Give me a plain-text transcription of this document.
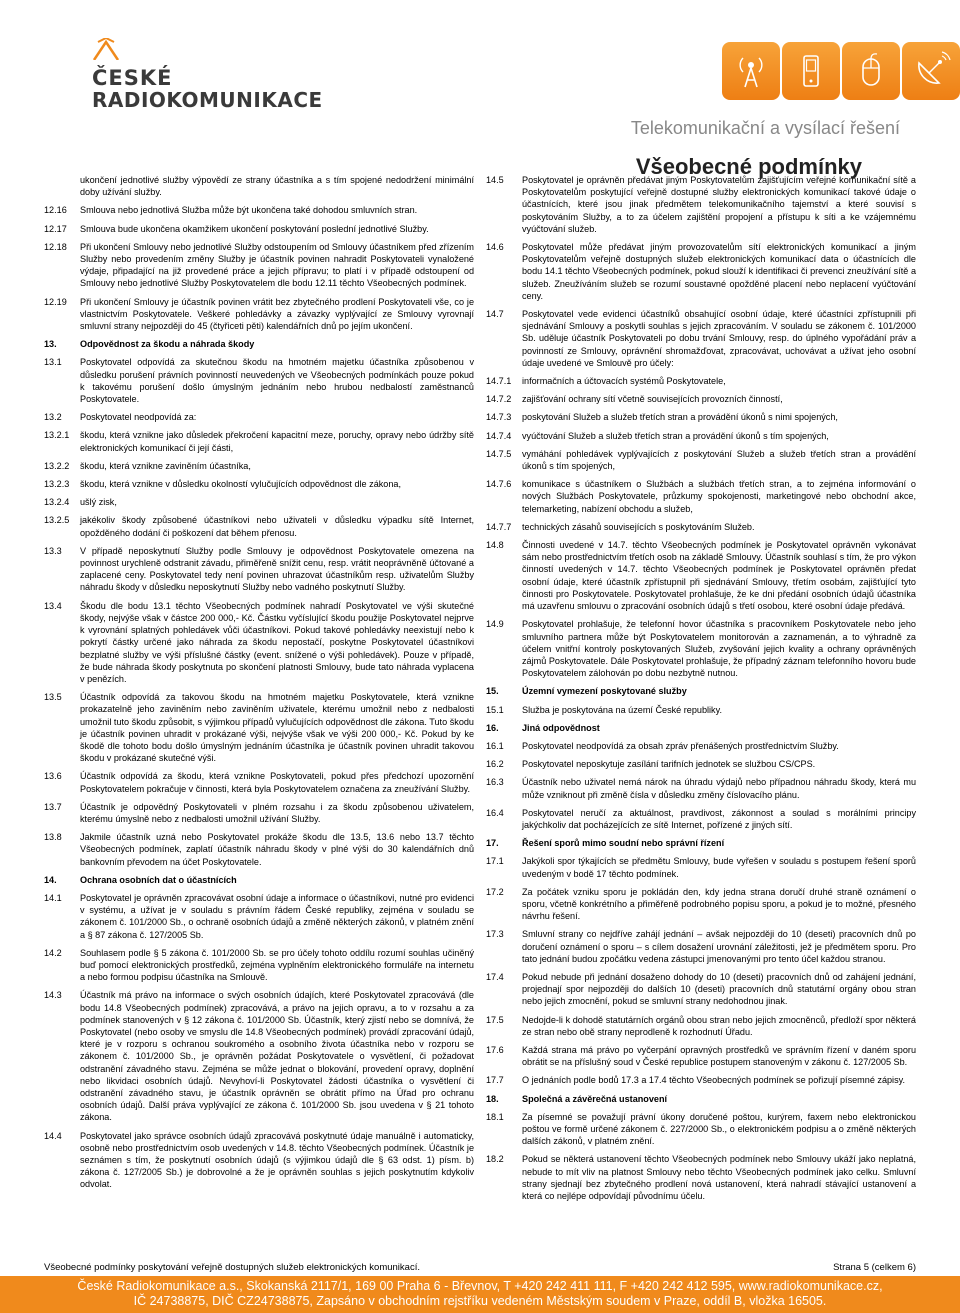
ČESKÉ
RADIOKOMUNIKACE
Telekomunikační a vysílací řešení
Všeobecné podmínky
ukončení jednotlivé služby výpovědí ze strany účastníka a s tím spojené nedodržení minimální doby užívání služby.
12.16	Smlouva nebo jednotlivá Služba může být ukončena také dohodou smluvních stran.
12.17	Smlouva bude ukončena okamžikem ukončení poskytování poslední jednotlivé Služby.
12.18	Při ukončení Smlouvy nebo jednotlivé Služby odstoupením od Smlouvy účastníkem před zřízením Služby nebo provedením změny Služby je účastník povinen nahradit Poskytovateli vynaložené výdaje, připadající na již provedené práce a jejich přípravu; to platí i v případě odstoupení od Smlouvy nebo jednotlivé Služby Poskytovatelem dle bodu 12.11 těchto Všeobecných podmínek.
12.19	Při ukončení Smlouvy je účastník povinen vrátit bez zbytečného prodlení Poskytovateli vše, co je vlastnictvím Poskytovatele. Veškeré pohledávky a závazky vyplývající ze Smlouvy vyrovnají smluvní strany nejpozději do 45 (čtyřiceti pěti) kalendářních dnů po jejím ukončení.
13.	Odpovědnost za škodu a náhrada škody
13.1	Poskytovatel odpovídá za skutečnou škodu na hmotném majetku účastníka způsobenou v důsledku porušení právních povinností neuvedených ve Všeobecných podmínkách pouze pokud k takovému porušení došlo úmyslným jednáním nebo hrubou nedbalostí zaměstnanců Poskytovatele.
13.2	Poskytovatel neodpovídá za:
13.2.1	škodu, která vznikne jako důsledek překročení kapacitní meze, poruchy, opravy nebo údržby sítě elektronických komunikací či její části,
13.2.2	škodu, která vznikne zaviněním účastníka,
13.2.3	škodu, která vznikne v důsledku okolností vylučujících odpovědnost dle zákona,
13.2.4	ušlý zisk,
13.2.5	jakékoliv škody způsobené účastníkovi nebo uživateli v důsledku výpadku sítě Internet, opožděného dodání či poškození dat během přenosu.
13.3	V případě neposkytnutí Služby podle Smlouvy je odpovědnost Poskytovatele omezena na povinnost urychleně odstranit závadu, přiměřeně snížit cenu, resp. vrátit neoprávněně účtované a zaplacené ceny. Poskytovatel tedy není povinen uhrazovat účastníkům resp. uživatelům Služby náhradu škody v důsledku neposkytnutí Služby nebo vadného poskytnutí Služby.
13.4	Škodu dle bodu 13.1 těchto Všeobecných podmínek nahradí Poskytovatel ve výši skutečné škody, nejvýše však v částce 200 000,- Kč. Částku vyčíslující škodu použije Poskytovatel nejprve k vyrovnání splatných pohledávek vůči účastníkovi. Pokud takové pohledávky neexistují nebo k pokrytí částky určené jako náhrada za škodu nepostačí, poskytne Poskytovatel účastníkovi bezplatné služby ve výši příslušné částky (event. snížené o výši pohledávek). Pouze v případě, že bude náhrada škody poskytnuta po skončení platnosti Smlouvy, bude tato náhrada vyplacena v penězích.
13.5	Účastník odpovídá za takovou škodu na hmotném majetku Poskytovatele, která vznikne prokazatelně jeho zaviněním nebo zaviněním uživatele, kterému umožnil nebo z nedbalosti umožnil tuto škodu způsobit, s výjimkou případů vylučujících odpovědnost dle zákona. Tuto škodu je účastník povinen uhradit v prokázané výši, nejvýše však ve výši 200 000,- Kč. Pokud by ke škodě dle tohoto bodu došlo úmyslným jednáním účastníka je účastník povinen uhradit takovou škodu v prokázané skutečné výši.
13.6	Účastník odpovídá za škodu, která vznikne Poskytovateli, pokud přes předchozí upozornění Poskytovatelem pokračuje v činnosti, která byla Poskytovatelem označena za zneužívání Služby.
13.7	Účastník je odpovědný Poskytovateli v plném rozsahu i za škodu způsobenou uživatelem, kterému úmyslně nebo z nedbalosti umožnil užívání Služby.
13.8	Jakmile účastník uzná nebo Poskytovatel prokáže škodu dle 13.5, 13.6 nebo 13.7 těchto Všeobecných podmínek, zaplatí účastník náhradu škody v plné výši do 30 kalendářních dnů bankovním převodem na účet Poskytovatele.
14.	Ochrana osobních dat o účastnících
14.1	Poskytovatel je oprávněn zpracovávat osobní údaje a informace o účastníkovi, nutné pro evidenci v systému, a užívat je v souladu s právním řádem České republiky, zejména v souladu se zákonem č. 101/2000 Sb., o ochraně osobních údajů a změně některých zákonů, v platném znění a § 87 zákona č. 127/2005 Sb.
14.2	Souhlasem podle § 5 zákona č. 101/2000 Sb. se pro účely tohoto oddílu rozumí souhlas učiněný buď pomocí elektronických prostředků, zejména vyplněním elektronického formuláře na internetu a nebo formou podpisu účastníka na Smlouvě.
14.3	Účastník má právo na informace o svých osobních údajích, které Poskytovatel zpracovává (dle bodu 14.8 Všeobecných podmínek) zpracovává, a právo na jejich opravu, a to v rozsahu a za podmínek stanovených v § 12 zákona č. 101/2000 Sb. Účastník, který zjistí nebo se domnívá, že Poskytovatel (nebo osoby ve smyslu dle 14.8 Všeobecných podmínek) provádí zpracování údajů, které je v rozporu s ochranou soukromého a osobního života účastníka nebo v rozporu se zákonem č. 101/2000 Sb., je oprávněn požádat Poskytovatele o vysvětlení, či požadovat odstranění závadného stavu. Zejména se může jednat o blokování, provedení opravy, doplnění nebo likvidaci osobních údajů. Nevyhoví-li Poskytovatel žádosti účastníka o vysvětlení či odstranění závadného stavu, je účastník oprávněn se obrátit přímo na Úřad pro ochranu osobních údajů. Další práva vyplývající ze zákona č. 101/2000 Sb. jsou uvedena v § 21 tohoto zákona.
14.4	Poskytovatel jako správce osobních údajů zpracovává poskytnuté údaje manuálně i automaticky, osobně nebo prostřednictvím osob uvedených v 14.8. těchto Všeobecných podmínek. Účastník je seznámen s tím, že poskytnutí osobních údajů (s výjimkou údajů dle § 63 odst. 1) písm. b) zákona č. 127/2005 Sb.) je dobrovolné a že je oprávněn souhlas s jejich poskytnutím kdykoliv odvolat.
14.5	Poskytovatel je oprávněn předávat jiným Poskytovatelům zajišťujícím veřejné komunikační sítě a Poskytovatelům poskytující veřejně dostupné služby elektronických komunikací takové údaje o účastnících, které jsou jinak předmětem telekomunikačního tajemství a které souvisí s poskytováním Služby, a to za účelem zajištění propojení a přístupu k síti a ke vzájemnému vyúčtování služeb.
14.6	Poskytovatel může předávat jiným provozovatelům sítí elektronických komunikací a jiným Poskytovatelům veřejně dostupných služeb elektronických komunikací data o účastnících dle bodu 14.1 těchto Všeobecných podmínek, pokud slouží k identifikaci či prevenci zneužívání sítě a služeb. Zneužíváním služeb se rozumí soustavné opožděné placení nebo neplacení vyúčtování ceny.
14.7	Poskytovatel vede evidenci účastníků obsahující osobní údaje, které účastníci zpřístupnili při sjednávání Smlouvy a poskytli souhlas s jejich zpracováním. V souladu se zákonem č. 101/2000 Sb. uděluje účastník Poskytovateli po dobu trvání Smlouvy, resp. do úplného vypořádání práv a povinností ze Smlouvy, oprávnění shromažďovat, zpracovávat, uchovávat a užívat jeho osobní údaje uvedené ve Smlouvě pro účely:
14.7.1	informačních a účtovacích systémů Poskytovatele,
14.7.2	zajišťování ochrany sítí včetně souvisejících provozních činností,
14.7.3	poskytování Služeb a služeb třetích stran a provádění úkonů s nimi spojených,
14.7.4	vyúčtování Služeb a služeb třetích stran a provádění úkonů s tím spojených,
14.7.5	vymáhání pohledávek vyplývajících z poskytování Služeb a služeb třetích stran a provádění úkonů s tím spojených,
14.7.6	komunikace s účastníkem o Službách a službách třetích stran, a to zejména informování o nových Službách Poskytovatele, průzkumy spokojenosti, marketingové nebo obchodní akce, telemarketing, nabízení obchodu a služeb,
14.7.7	technických zásahů souvisejících s poskytováním Služeb.
14.8	Činnosti uvedené v 14.7. těchto Všeobecných podmínek je Poskytovatel oprávněn vykonávat sám nebo prostřednictvím třetích osob na základě Smlouvy. Účastník souhlasí s tím, že pro výkon činností uvedených v 14.7. těchto Všeobecných podmínek je Poskytovatel oprávněn předat osobní údaje, které účastník zpřístupnil při sjednávání Smlouvy, třetím osobám, zajišťující tyto činnosti pro Poskytovatele. Poskytovatel prohlašuje, že ke dni předání osobních údajů účastníka má uzavřenu smlouvu o zpracování osobních údajů s třetí osobou, které osobní údaje předává.
14.9	Poskytovatel prohlašuje, že telefonní hovor účastníka s pracovníkem Poskytovatele nebo jeho smluvního partnera může být Poskytovatelem monitorován a zaznamenán, a to výhradně za účelem vnitřní kontroly poskytovaných Služeb, zvyšování jejich kvality a ochrany oprávněných zájmů Poskytovatele. Dále Poskytovatel prohlašuje, že případný záznam telefonního hovoru bude Poskytovatelem zálohován po dobu nezbytně nutnou.
15.	Územní vymezení poskytované služby
15.1	Služba je poskytována na území České republiky.
16.	Jiná odpovědnost
16.1	Poskytovatel neodpovídá za obsah zpráv přenášených prostřednictvím Služby.
16.2	Poskytovatel neposkytuje zasílání tarifních jednotek se službou CS/CPS.
16.3	Účastník nebo uživatel nemá nárok na úhradu výdajů nebo případnou náhradu škody, která mu může vzniknout při změně čísla v důsledku změny číslovacího plánu.
16.4	Poskytovatel neručí za aktuálnost, pravdivost, zákonnost a soulad s morálními principy jakýchkoliv dat pocházejících ze sítě Internet, pořízené z jiných sítí.
17.	Řešení sporů mimo soudní nebo správní řízení
17.1	Jakýkoli spor týkajících se předmětu Smlouvy, bude vyřešen v souladu s postupem řešení sporů uvedeným v bodě 17 těchto podmínek.
17.2	Za počátek vzniku sporu je pokládán den, kdy jedna strana doručí druhé straně oznámení o sporu, včetně konkrétního a přiměřeně podrobného popisu sporu, a pokud je to možné, přesného návrhu řešení.
17.3	Smluvní strany co nejdříve zahájí jednání – avšak nejpozději do 10 (deseti) pracovních dnů po doručení oznámení o sporu – s cílem dosažení urovnání záležitosti, jež je předmětem sporu. Pro tato jednání budou zpočátku vedena zástupci jmenovanými pro tento účel každou stranou.
17.4	Pokud nebude při jednání dosaženo dohody do 10 (deseti) pracovních dnů od zahájení jednání, projednají spor nejpozději do dalších 10 (deseti) pracovních dnů statutární orgány obou stran nebo jejich zmocnění, pokud se smluvní strany nedohodnou jinak.
17.5	Nedojde-li k dohodě statutárních orgánů obou stran nebo jejich zmocněnců, předloží spor některá ze stran nebo obě strany neprodleně k rozhodnutí Úřadu.
17.6	Každá strana má právo po vyčerpání opravných prostředků ve správním řízení v daném sporu obrátit se na příslušný soud v České republice postupem stanoveným v zákonu č. 127/2005 Sb.
17.7	O jednáních podle bodů 17.3 a 17.4 těchto Všeobecných podmínek se pořizují písemné zápisy.
18.	Společná a závěrečná ustanovení
18.1	Za písemné se považují právní úkony doručené poštou, kurýrem, faxem nebo elektronickou poštou ve formě určené zákonem č. 227/2000 Sb., o elektronickém podpisu a o změně některých dalších zákonů, v platném znění.
18.2	Pokud se některá ustanovení těchto Všeobecných podmínek nebo Smlouvy ukáží jako neplatná, nebude to mít vliv na platnost Smlouvy nebo těchto Všeobecných podmínek jako celku. Smluvní strany sjednají bez zbytečného prodlení nová ustanovení, která nahradí stávající ustanovení a která co nejlépe odpovídají původnímu účelu.
Všeobecné podmínky poskytování veřejně dostupných služeb elektronických komunikací.	Strana 5 (celkem 6)
České Radiokomunikace a.s., Skokanská 2117/1, 169 00 Praha 6 - Břevnov, T +420 242 411 111, F +420 242 412 595, www.radiokomunikace.cz,
IČ 24738875, DIČ CZ24738875, Zapsáno v obchodním rejstříku vedeném Městským soudem v Praze, oddíl B, vložka 16505.
